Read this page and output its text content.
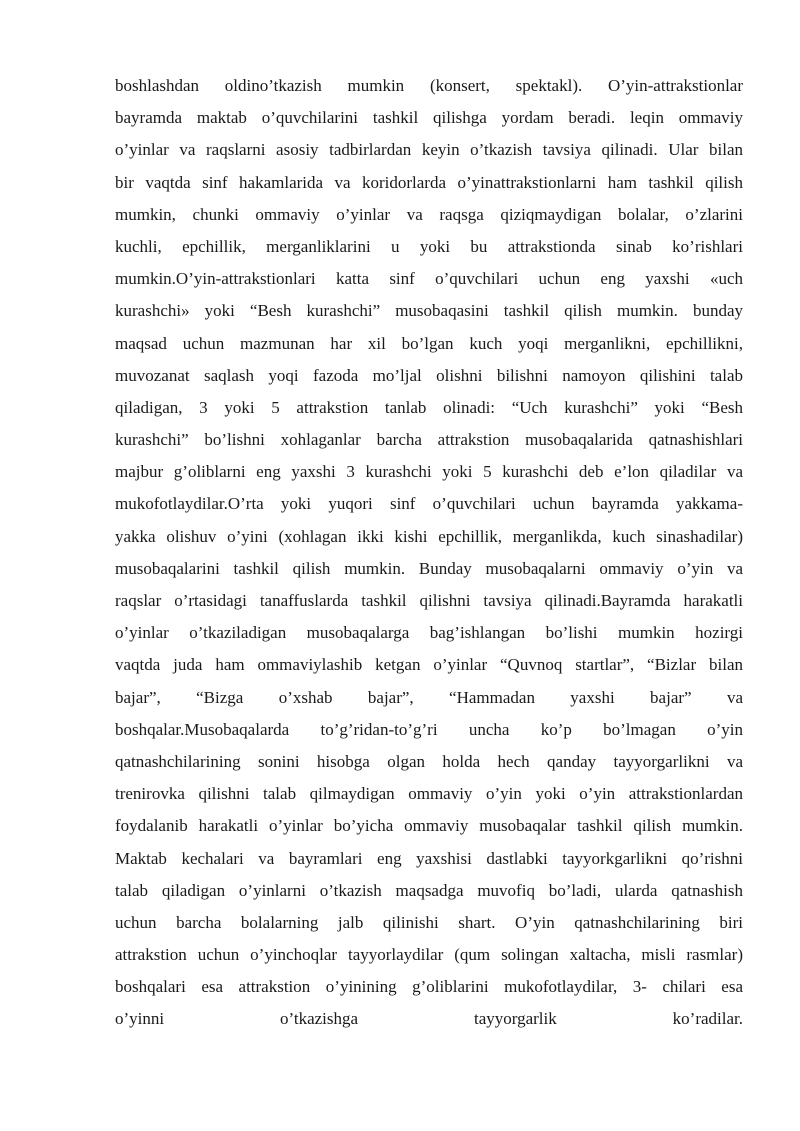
boshlashdan oldino’tkazish mumkin (konsert, spektakl). O’yin-attrakstionlar
bayramda maktab o’quvchilarini tashkil qilishga yordam beradi. leqin ommaviy
o’yinlar va raqslarni asosiy tadbirlardan keyin o’tkazish tavsiya qilinadi. Ular bilan
bir vaqtda sinf hakamlarida va koridorlarda o’yinattrakstionlarni ham tashkil qilish
mumkin, chunki ommaviy o’yinlar va raqsga qiziqmaydigan bolalar, o’zlarini
kuchli, epchillik, merganliklarini u yoki bu attrakstionda sinab ko’rishlari
mumkin.O’yin-attrakstionlari katta sinf o’quvchilari uchun eng yaxshi «uch
kurashchi» yoki “Besh kurashchi” musobaqasini tashkil qilish mumkin. bunday
maqsad uchun mazmunan har xil bo’lgan kuch yoqi merganlikni, epchillikni,
muvozanat saqlash yoqi fazoda mo’ljal olishni bilishni namoyon qilishini talab
qiladigan, 3 yoki 5 attrakstion tanlab olinadi: “Uch kurashchi” yoki “Besh
kurashchi” bo’lishni xohlaganlar barcha attrakstion musobaqalarida qatnashishlari
majbur g’oliblarni eng yaxshi 3 kurashchi yoki 5 kurashchi deb e’lon qiladilar va
mukofotlaydilar.O’rta yoki yuqori sinf o’quvchilari uchun bayramda yakkama-
yakka olishuv o’yini (xohlagan ikki kishi epchillik, merganlikda, kuch sinashadilar)
musobaqalarini tashkil qilish mumkin. Bunday musobaqalarni ommaviy o’yin va
raqslar o’rtasidagi tanaffuslarda tashkil qilishni tavsiya qilinadi.Bayramda harakatli
o’yinlar o’tkaziladigan musobaqalarga bag’ishlangan bo’lishi mumkin hozirgi
vaqtda juda ham ommaviylashib ketgan o’yinlar “Quvnoq startlar”, “Bizlar bilan
bajar”, “Bizga o’xshab bajar”, “Hammadan yaxshi bajar” va
boshqalar.Musobaqalarda to’g’ridan-to’g’ri uncha ko’p bo’lmagan o’yin
qatnashchilarining sonini hisobga olgan holda hech qanday tayyorgarlikni va
trenirovka qilishni talab qilmaydigan ommaviy o’yin yoki o’yin attrakstionlardan
foydalanib harakatli o’yinlar bo’yicha ommaviy musobaqalar tashkil qilish mumkin.
Maktab kechalari va bayramlari eng yaxshisi dastlabki tayyorkgarlikni qo’rishni
talab qiladigan o’yinlarni o’tkazish maqsadga muvofiq bo’ladi, ularda qatnashish
uchun barcha bolalarning jalb qilinishi shart. O’yin qatnashchilarining biri
attrakstion uchun o’yinchoqlar tayyorlaydilar (qum solingan xaltacha, misli rasmlar)
boshqalari esa attrakstion o’yinining g’oliblarini mukofotlaydilar, 3- chilari esa
o’yinni o’tkazishga tayyorgarlik ko’radilar.
